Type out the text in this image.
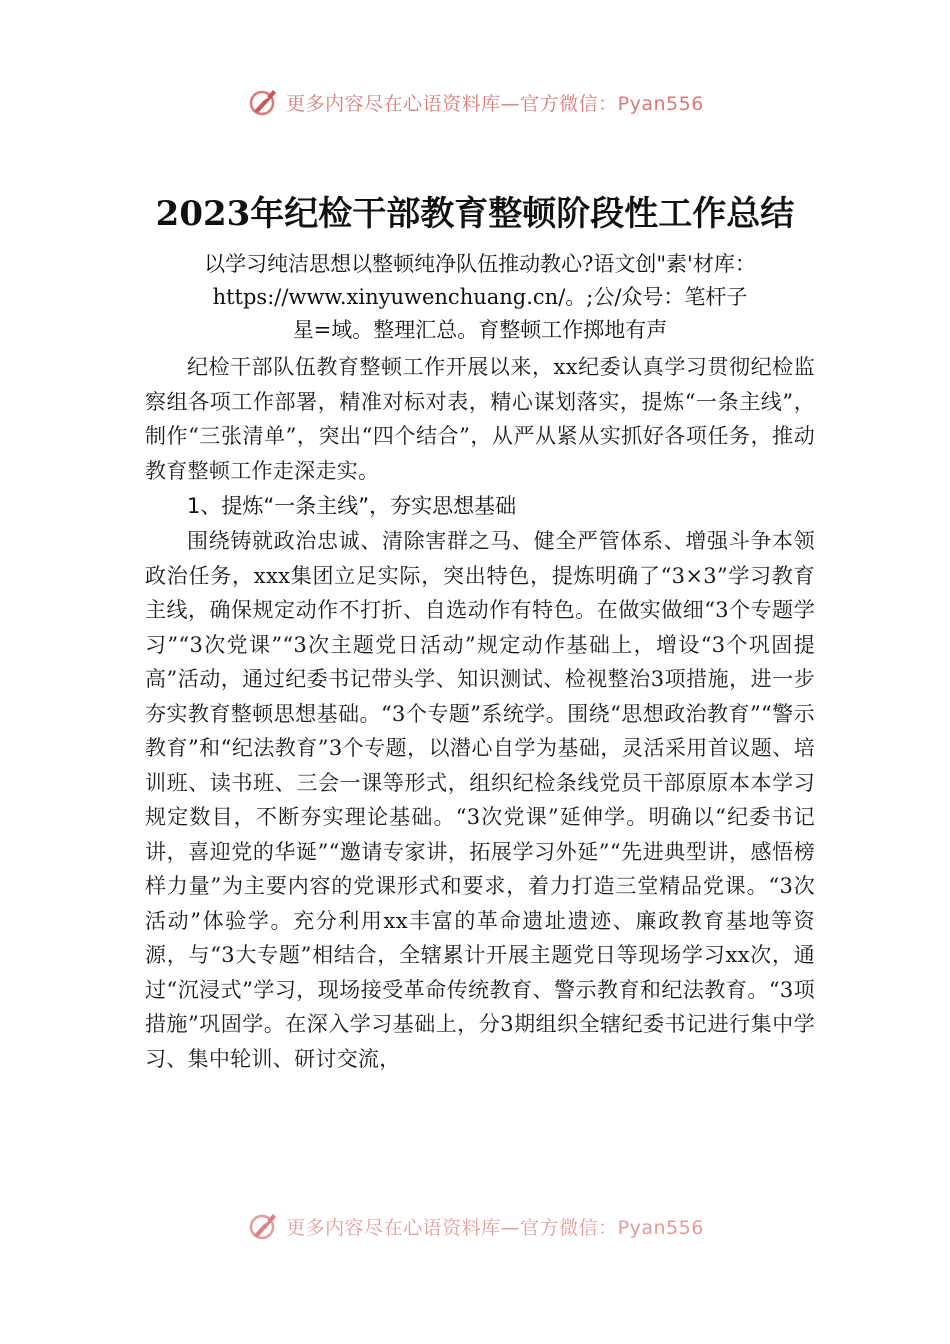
更多内容尽在心语资料库—官方微信：Pyan556
2023年纪检干部教育整顿阶段性工作总结
以学习纯洁思想以整顿纯净队伍推动教心?语文创"素'材库：
https://www.xinyuwenchuang.cn/。;公/众号：笔杆子
星=域。整理汇总。育整顿工作掷地有声

纪检干部队伍教育整顿工作开展以来，xx纪委认真学习贯彻纪检监察组各项工作部署，精准对标对表，精心谋划落实，提炼“一条主线”，制作“三张清单”，突出“四个结合”，从严从紧从实抓好各项任务，推动教育整顿工作走深走实。

1、提炼“一条主线”，夯实思想基础

围绕铸就政治忠诚、清除害群之马、健全严管体系、增强斗争本领政治任务，xxx集团立足实际，突出特色，提炼明确了“3×3”学习教育主线，确保规定动作不打折、自选动作有特色。在做实做细“3个专题学习”“3次党课”“3次主题党日活动”规定动作基础上，增设“3个巩固提高”活动，通过纪委书记带头学、知识测试、检视整治3项措施，进一步夯实教育整顿思想基础。“3个专题”系统学。围绕“思想政治教育”“警示教育”和“纪法教育”3个专题，以潜心自学为基础，灵活采用首议题、培训班、读书班、三会一课等形式，组织纪检条线党员干部原原本本学习规定数目，不断夯实理论基础。“3次党课”延伸学。明确以“纪委书记讲，喜迎党的华诞”“邀请专家讲，拓展学习外延”“先进典型讲，感悟榜样力量”为主要内容的党课形式和要求，着力打造三堂精品党课。“3次活动”体验学。充分利用xx丰富的革命遗址遗迹、廉政教育基地等资源，与“3大专题”相结合，全辖累计开展主题党日等现场学习xx次，通过“沉浸式”学习，现场接受革命传统教育、警示教育和纪法教育。“3项措施”巩固学。在深入学习基础上，分3期组织全辖纪委书记进行集中学习、集中轮训、研讨交流，

更多内容尽在心语资料库—官方微信：Pyan556
